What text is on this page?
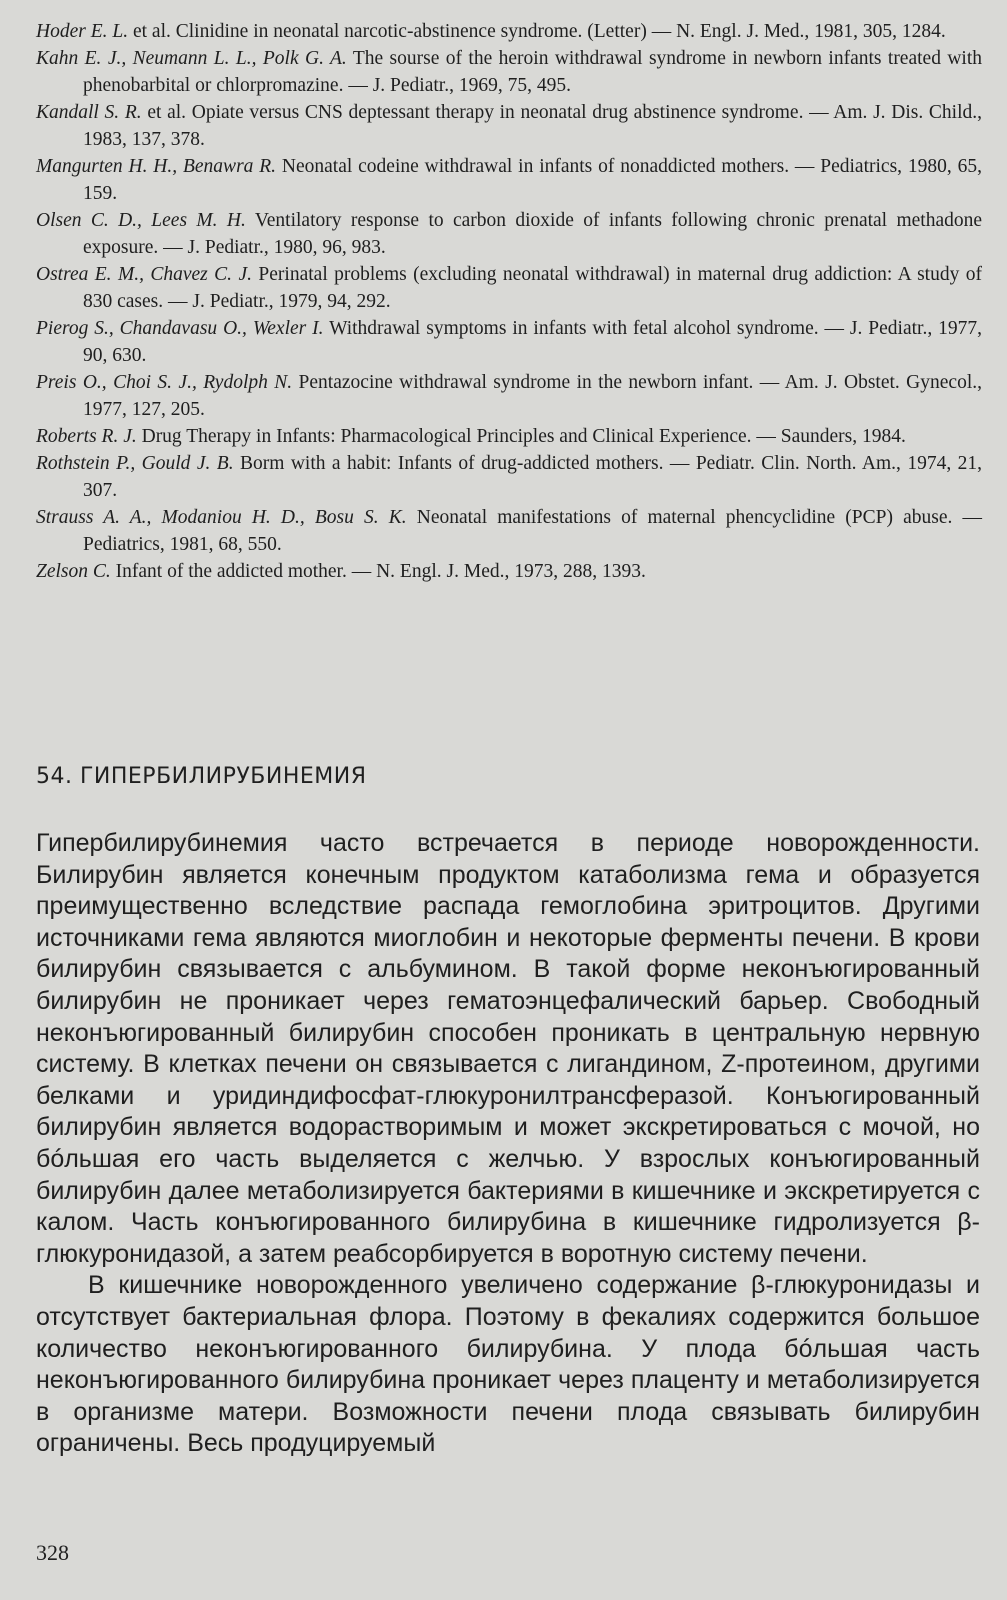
Hoder E. L. et al. Clinidine in neonatal narcotic-abstinence syndrome. (Letter) — N. Engl. J. Med., 1981, 305, 1284.

Kahn E. J., Neumann L. L., Polk G. A. The sourse of the heroin withdrawal syndrome in newborn infants treated with phenobarbital or chlorpromazine. — J. Pediatr., 1969, 75, 495.

Kandall S. R. et al. Opiate versus CNS deptessant therapy in neonatal drug abstinence syndrome. — Am. J. Dis. Child., 1983, 137, 378.

Mangurten H. H., Benawra R. Neonatal codeine withdrawal in infants of nonaddicted mothers. — Pediatrics, 1980, 65, 159.

Olsen C. D., Lees M. H. Ventilatory response to carbon dioxide of infants following chronic prenatal methadone exposure. — J. Pediatr., 1980, 96, 983.

Ostrea E. M., Chavez C. J. Perinatal problems (excluding neonatal withdrawal) in maternal drug addiction: A study of 830 cases. — J. Pediatr., 1979, 94, 292.

Pierog S., Chandavasu O., Wexler I. Withdrawal symptoms in infants with fetal alcohol syndrome. — J. Pediatr., 1977, 90, 630.

Preis O., Choi S. J., Rydolph N. Pentazocine withdrawal syndrome in the newborn infant. — Am. J. Obstet. Gynecol., 1977, 127, 205.

Roberts R. J. Drug Therapy in Infants: Pharmacological Principles and Clinical Experience. — Saunders, 1984.

Rothstein P., Gould J. B. Borm with a habit: Infants of drug-addicted mothers. — Pediatr. Clin. North. Am., 1974, 21, 307.

Strauss A. A., Modaniou H. D., Bosu S. K. Neonatal manifestations of maternal phencyclidine (PCP) abuse. — Pediatrics, 1981, 68, 550.

Zelson C. Infant of the addicted mother. — N. Engl. J. Med., 1973, 288, 1393.

54. ГИПЕРБИЛИРУБИНЕМИЯ

Гипербилирубинемия часто встречается в периоде новорожденности. Билирубин является конечным продуктом катаболизма гема и образуется преимущественно вследствие распада гемоглобина эритроцитов. Другими источниками гема являются миоглобин и некоторые ферменты печени. В крови билирубин связывается с альбумином. В такой форме неконъюгированный билирубин не проникает через гематоэнцефалический барьер. Свободный неконъюгированный билирубин способен проникать в центральную нервную систему. В клетках печени он связывается с лигандином, Z-протеином, другими белками и уридиндифосфат-глюкуронилтрансферазой. Конъюгированный билирубин является водорастворимым и может экскретироваться с мочой, но бóльшая его часть выделяется с желчью. У взрослых конъюгированный билирубин далее метаболизируется бактериями в кишечнике и экскретируется с калом. Часть конъюгированного билирубина в кишечнике гидролизуется β-глюкуронидазой, а затем реабсорбируется в воротную систему печени.

В кишечнике новорожденного увеличено содержание β-глюкуронидазы и отсутствует бактериальная флора. Поэтому в фекалиях содержится большое количество неконъюгированного билирубина. У плода бóльшая часть неконъюгированного билирубина проникает через плаценту и метаболизируется в организме матери. Возможности печени плода связывать билирубин ограничены. Весь продуцируемый

328
